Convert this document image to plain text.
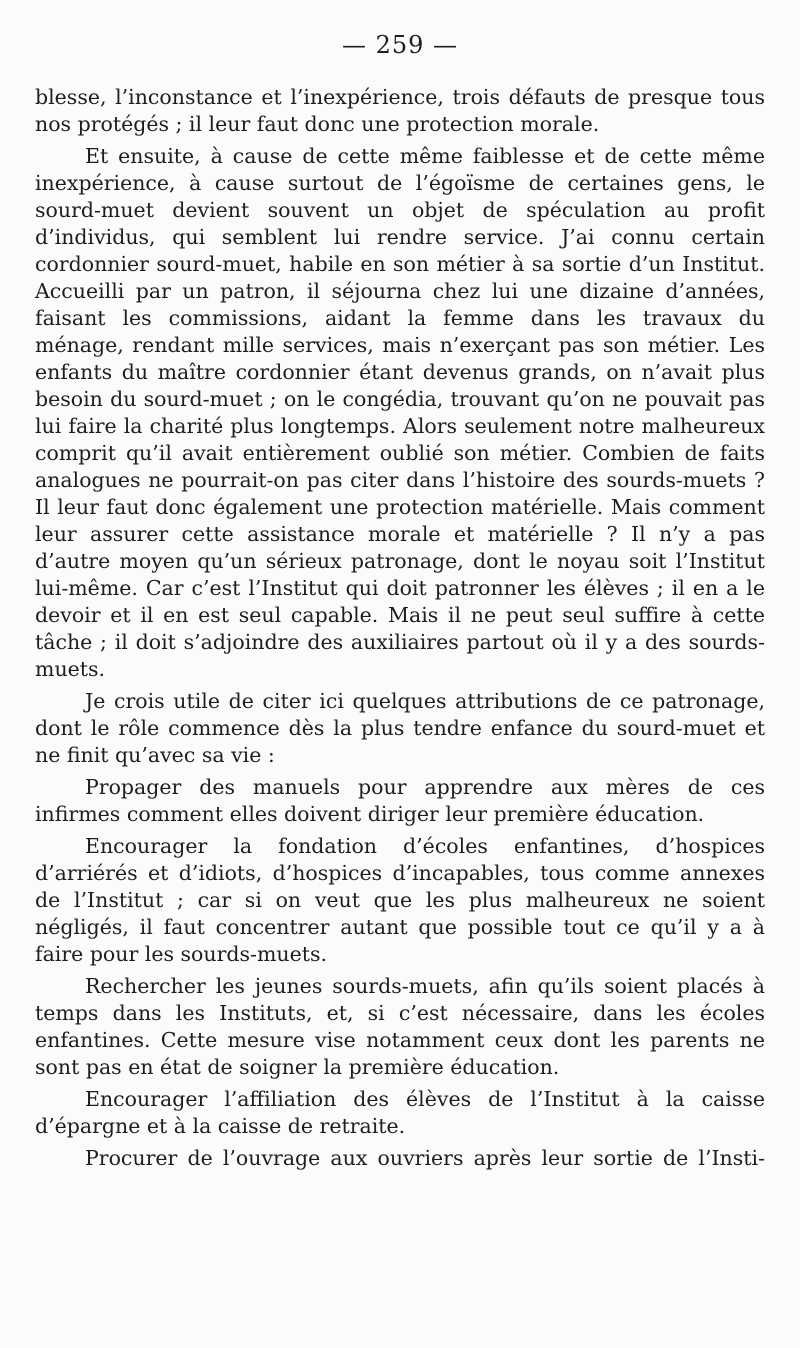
— 259 —

blesse, l’inconstance et l’inexpérience, trois défauts de presque tous nos protégés ; il leur faut donc une protection morale.

Et ensuite, à cause de cette même faiblesse et de cette même inexpérience, à cause surtout de l’égoïsme de certaines gens, le sourd-muet devient souvent un objet de spéculation au profit d’individus, qui semblent lui rendre service. J’ai connu certain cordonnier sourd-muet, habile en son métier à sa sortie d’un Institut. Accueilli par un patron, il séjourna chez lui une dizaine d’années, faisant les commissions, aidant la femme dans les travaux du ménage, rendant mille services, mais n’exerçant pas son métier. Les enfants du maître cordonnier étant devenus grands, on n’avait plus besoin du sourd-muet ; on le congédia, trouvant qu’on ne pouvait pas lui faire la charité plus longtemps. Alors seulement notre malheureux comprit qu’il avait entièrement oublié son métier. Combien de faits analogues ne pourrait-on pas citer dans l’histoire des sourds-muets ? Il leur faut donc également une protection matérielle. Mais comment leur assurer cette assistance morale et matérielle ? Il n’y a pas d’autre moyen qu’un sérieux patronage, dont le noyau soit l’Institut lui-même. Car c’est l’Institut qui doit patronner les élèves ; il en a le devoir et il en est seul capable. Mais il ne peut seul suffire à cette tâche ; il doit s’adjoindre des auxiliaires partout où il y a des sourds-muets.

Je crois utile de citer ici quelques attributions de ce patronage, dont le rôle commence dès la plus tendre enfance du sourd-muet et ne finit qu’avec sa vie :

Propager des manuels pour apprendre aux mères de ces infirmes comment elles doivent diriger leur première éducation.

Encourager la fondation d’écoles enfantines, d’hospices d’arriérés et d’idiots, d’hospices d’incapables, tous comme annexes de l’Institut ; car si on veut que les plus malheureux ne soient négligés, il faut concentrer autant que possible tout ce qu’il y a à faire pour les sourds-muets.

Rechercher les jeunes sourds-muets, afin qu’ils soient placés à temps dans les Instituts, et, si c’est nécessaire, dans les écoles enfantines. Cette mesure vise notamment ceux dont les parents ne sont pas en état de soigner la première éducation.

Encourager l’affiliation des élèves de l’Institut à la caisse d’épargne et à la caisse de retraite.

Procurer de l’ouvrage aux ouvriers après leur sortie de l’Insti-
